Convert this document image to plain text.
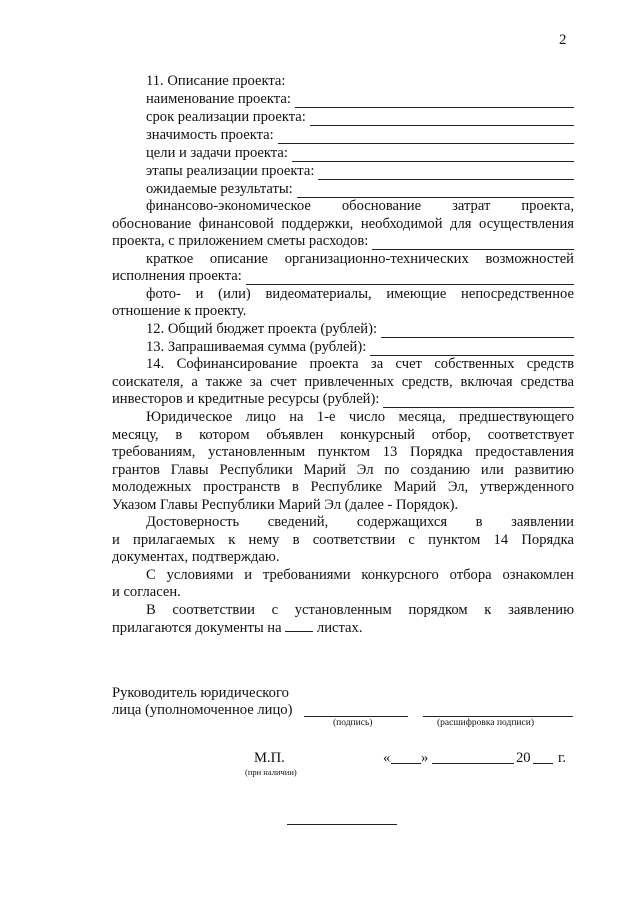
2
11. Описание проекта:
наименование проекта:
срок реализации проекта:
значимость проекта:
цели и задачи проекта:
этапы реализации проекта:
ожидаемые результаты:
финансово-экономическое обоснование затрат проекта,
обоснование финансовой поддержки, необходимой для осуществления
проекта, с приложением сметы расходов:
краткое описание организационно-технических возможностей
исполнения проекта:
фото- и (или) видеоматериалы, имеющие непосредственное
отношение к проекту.
12. Общий бюджет проекта (рублей):
13. Запрашиваемая сумма (рублей):
14. Софинансирование проекта за счет собственных средств
соискателя, а также за счет привлеченных средств, включая средства
инвесторов и кредитные ресурсы (рублей):
Юридическое лицо на 1-е число месяца, предшествующего
месяцу, в котором объявлен конкурсный отбор, соответствует
требованиям, установленным пунктом 13 Порядка предоставления
грантов Главы Республики Марий Эл по созданию или развитию
молодежных пространств в Республике Марий Эл, утвержденного
Указом Главы Республики Марий Эл (далее - Порядок).
Достоверность сведений, содержащихся в заявлении
и прилагаемых к нему в соответствии с пунктом 14 Порядка
документах, подтверждаю.
С условиями и требованиями конкурсного отбора ознакомлен
и согласен.
В соответствии с установленным порядком к заявлению
прилагаются документы на листах.
Руководитель юридического
лица (уполномоченное лицо)
(подпись)	(расшифровка подписи)
М.П.
(при наличии)
« »	20 г.
